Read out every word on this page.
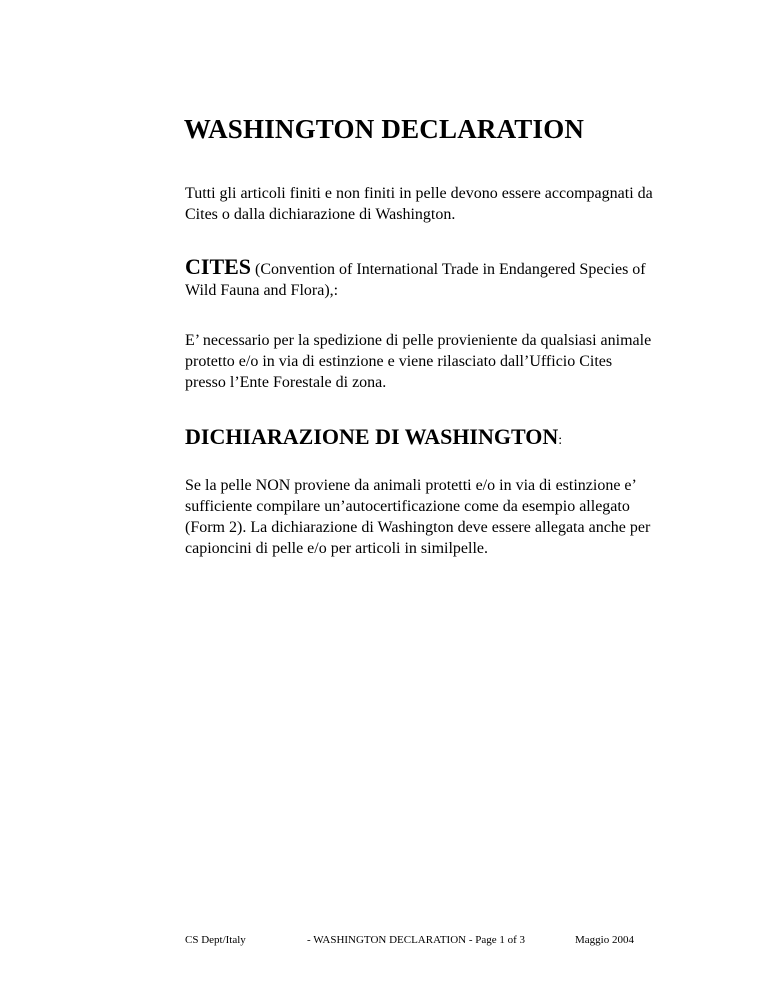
WASHINGTON DECLARATION

Tutti gli articoli finiti e non finiti in pelle devono essere accompagnati da Cites o dalla dichiarazione di Washington.

CITES (Convention of International Trade in Endangered Species of Wild Fauna and Flora),:

E’ necessario per la spedizione di pelle provieniente da qualsiasi animale protetto e/o in via di estinzione e viene rilasciato dall’Ufficio Cites presso l’Ente Forestale di zona.

DICHIARAZIONE DI WASHINGTON:

Se la pelle NON proviene da animali protetti e/o in via di estinzione e’ sufficiente compilare un’autocertificazione come da esempio allegato (Form 2). La dichiarazione di Washington deve essere allegata anche per capioncini di pelle e/o per articoli in similpelle.

CS Dept/Italy	- WASHINGTON DECLARATION - Page 1 of 3	Maggio 2004
